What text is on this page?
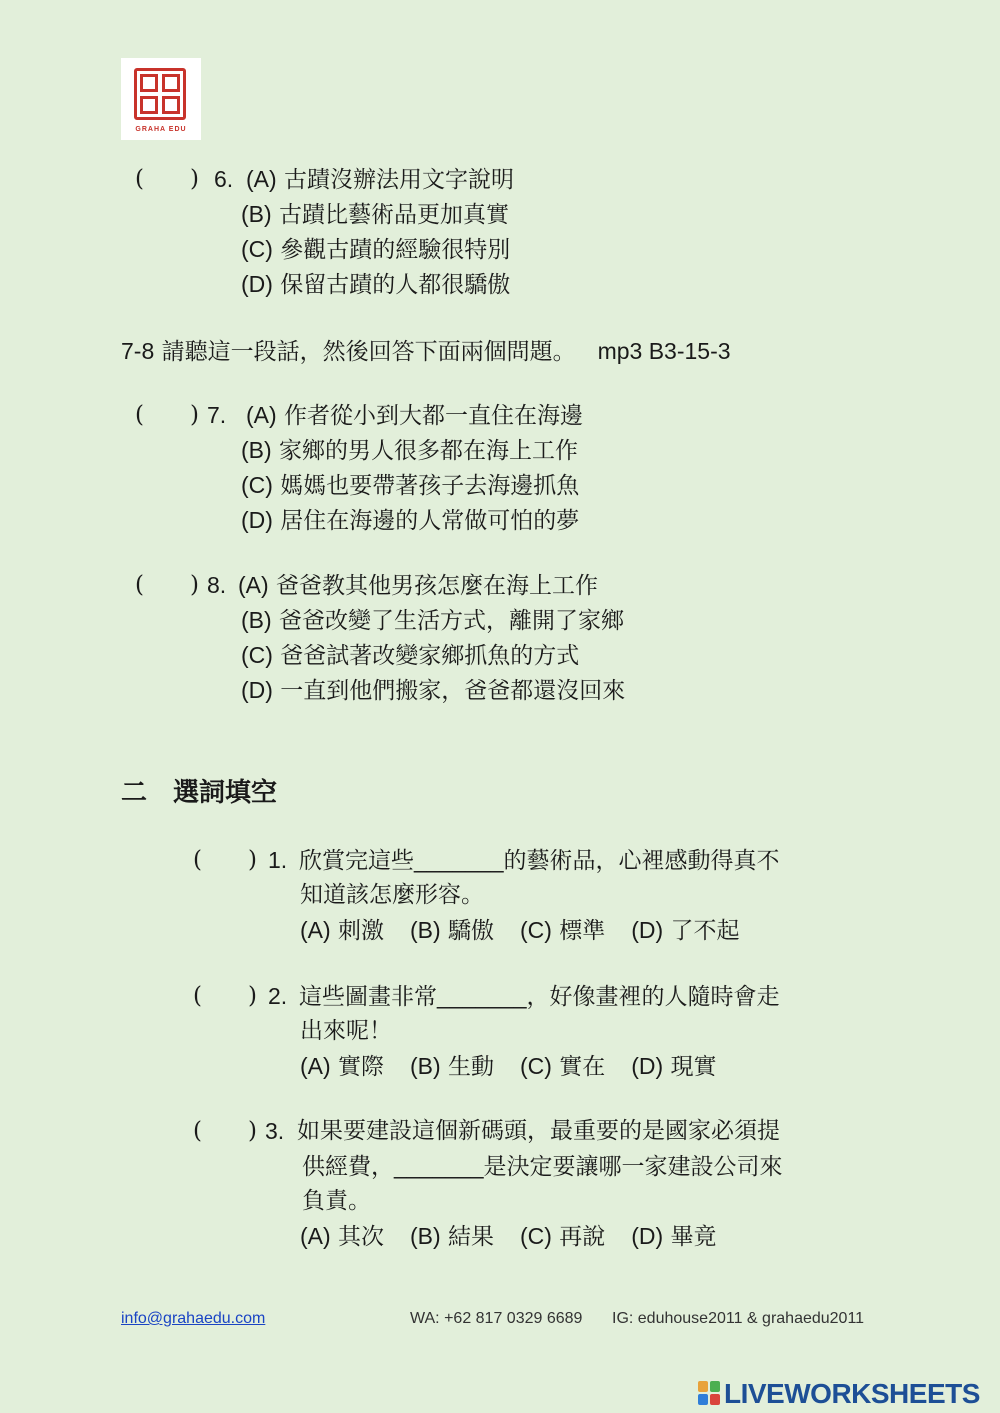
GRAHA EDU
(　　) 6. (A) 古蹟沒辦法用文字說明
(B) 古蹟比藝術品更加真實
(C) 參觀古蹟的經驗很特別
(D) 保留古蹟的人都很驕傲
7-8 請聽這一段話，然後回答下面兩個問題。 mp3 B3-15-3
(　　) 7. (A) 作者從小到大都一直住在海邊
(B) 家鄉的男人很多都在海上工作
(C) 媽媽也要帶著孩子去海邊抓魚
(D) 居住在海邊的人常做可怕的夢
(　　) 8. (A) 爸爸教其他男孩怎麼在海上工作
(B) 爸爸改變了生活方式，離開了家鄉
(C) 爸爸試著改變家鄉抓魚的方式
(D) 一直到他們搬家，爸爸都還沒回來
二　選詞填空
(　　) 1. 欣賞完這些_______的藝術品，心裡感動得真不
知道該怎麼形容。
(A) 刺激 (B) 驕傲 (C) 標準 (D) 了不起
(　　) 2. 這些圖畫非常_______，好像畫裡的人隨時會走
出來呢！
(A) 實際 (B) 生動 (C) 實在 (D) 現實
(　　) 3. 如果要建設這個新碼頭，最重要的是國家必須提
供經費，_______是決定要讓哪一家建設公司來
負責。
(A) 其次 (B) 結果 (C) 再說 (D) 畢竟
info@grahaedu.com	WA: +62 817 0329 6689 IG: eduhouse2011 & grahaedu2011
LIVEWORKSHEETS
